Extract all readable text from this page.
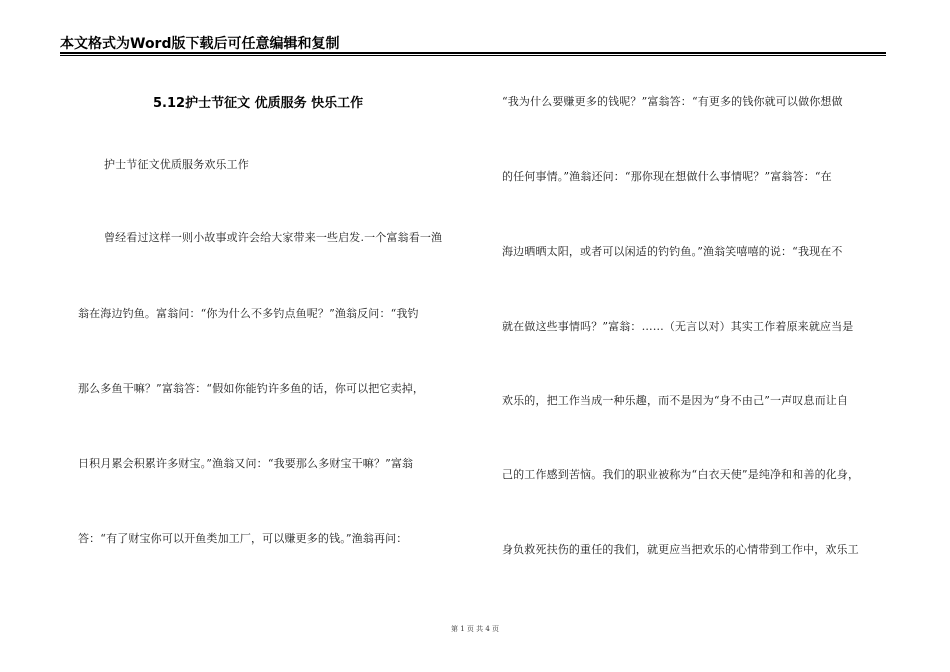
本文格式为Word版下载后可任意编辑和复制
5.12护士节征文 优质服务 快乐工作
护士节征文优质服务欢乐工作
曾经看过这样一则小故事或许会给大家带来一些启发.一个富翁看一渔
翁在海边钓鱼。富翁问：“你为什么不多钓点鱼呢？”渔翁反问：“我钓
那么多鱼干嘛？”富翁答：“假如你能钓许多鱼的话，你可以把它卖掉，
日积月累会积累许多财宝。”渔翁又问：“我要那么多财宝干嘛？”富翁
答：“有了财宝你可以开鱼类加工厂，可以赚更多的钱。”渔翁再问：
“我为什么要赚更多的钱呢？”富翁答：“有更多的钱你就可以做你想做
的任何事情。”渔翁还问：“那你现在想做什么事情呢？”富翁答：“在
海边晒晒太阳，或者可以闲适的钓钓鱼。”渔翁笑嘻嘻的说：“我现在不
就在做这些事情吗？”富翁：……（无言以对）其实工作着原来就应当是
欢乐的，把工作当成一种乐趣，而不是因为“身不由己”一声叹息而让自
己的工作感到苦恼。我们的职业被称为“白衣天使”是纯净和和善的化身，
身负救死扶伤的重任的我们，就更应当把欢乐的心情带到工作中，欢乐工
第 1 页 共 4 页
